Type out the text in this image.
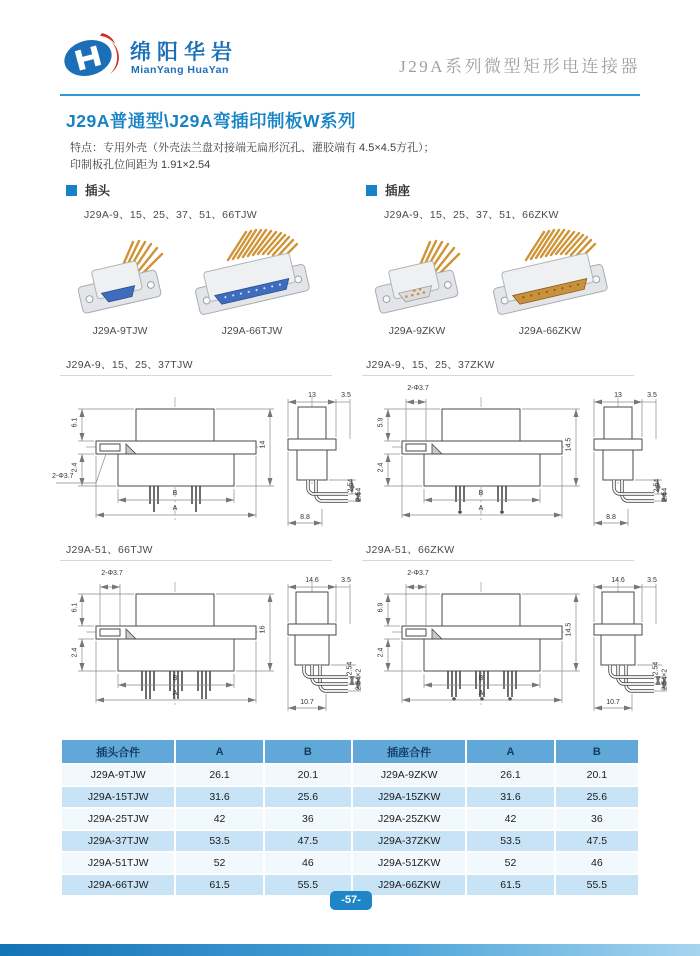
绵阳华岩
MianYang HuaYan	J29A系列微型矩形电连接器
J29A普通型\J29A弯插印制板W系列
特点：专用外壳（外壳法兰盘对接端无扁形沉孔、灌胶端有 4.5×4.5方孔）；
印制板孔位间距为 1.91×2.54
插头	插座
J29A-9、15、25、37、51、66TJW	J29A-9、15、25、37、51、66ZKW
J29A-9TJW	J29A-66TJW	J29A-9ZKW	J29A-66ZKW
J29A-9、15、25、37TJW	J29A-9、15、25、37ZKW
6.1
2.4
2-Φ3.7
14
B
A
13	3.5
2.54
2.54
8.8
2-Φ3.7
5.9
2.4
14.5
B
A
13	3.5
2.54
2.54
8.8
J29A-51、66TJW	J29A-51、66ZKW
2-Φ3.7
6.1
2.4
16
B
A
14.6	3.5
2.54
2.54×2
10.7
2-Φ3.7
6.9
2.4
14.5
B
A
14.6	3.5
2.54
2.54×2
10.7
插头合件	A	B	插座合件	A	B
J29A-9TJW	26.1	20.1	J29A-9ZKW	26.1	20.1
J29A-15TJW	31.6	25.6	J29A-15ZKW	31.6	25.6
J29A-25TJW	42	36	J29A-25ZKW	42	36
J29A-37TJW	53.5	47.5	J29A-37ZKW	53.5	47.5
J29A-51TJW	52	46	J29A-51ZKW	52	46
J29A-66TJW	61.5	55.5	J29A-66ZKW	61.5	55.5
-57-
